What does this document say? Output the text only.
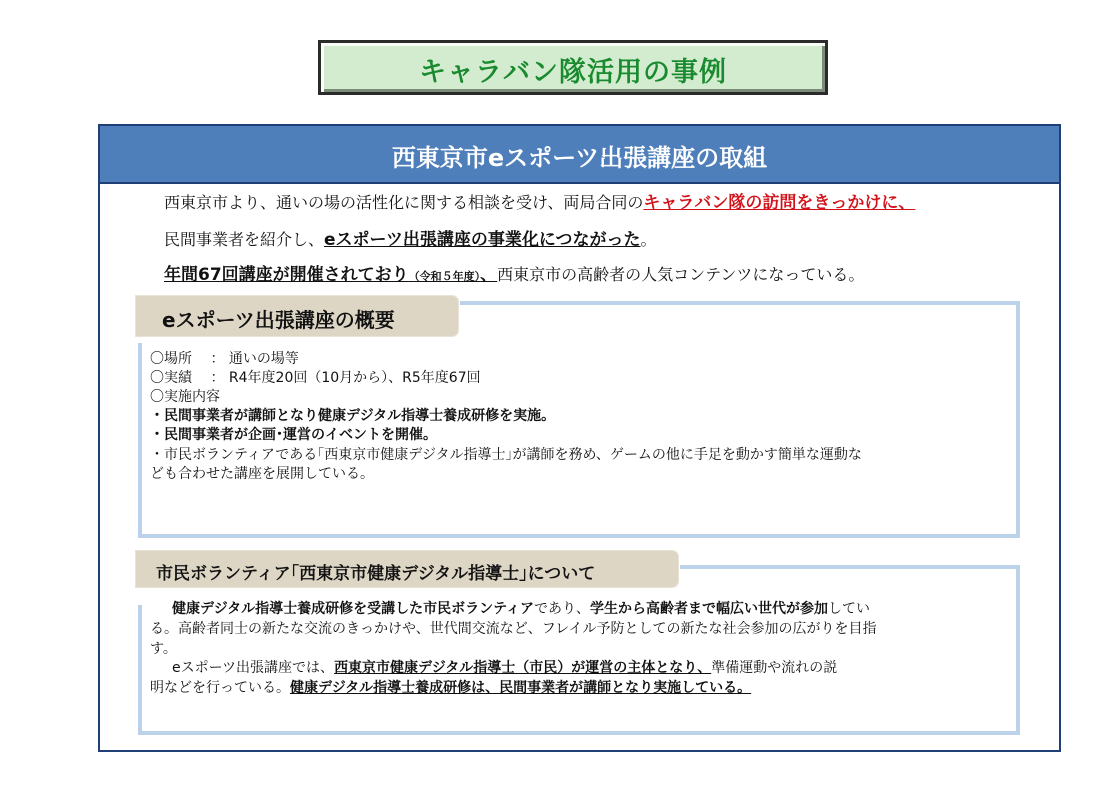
キャラバン隊活用の事例
西東京市eスポーツ出張講座の取組
西東京市より、通いの場の活性化に関する相談を受け、両局合同のキャラバン隊の訪問をきっかけに、
民間事業者を紹介し、eスポーツ出張講座の事業化につながった。
年間67回講座が開催されており（令和５年度）、西東京市の高齢者の人気コンテンツになっている。
eスポーツ出張講座の概要
〇場所　 ： 通いの場等
〇実績　 ： R4年度20回（10月から）、R5年度67回
〇実施内容
・民間事業者が講師となり健康デジタル指導士養成研修を実施。
・民間事業者が企画･運営のイベントを開催。
・市民ボランティアである｢西東京市健康デジタル指導士｣が講師を務め、ゲームの他に手足を動かす簡単な運動な
ども合わせた講座を展開している。
市民ボランティア｢西東京市健康デジタル指導士｣について
健康デジタル指導士養成研修を受講した市民ボランティアであり、学生から高齢者まで幅広い世代が参加してい
る。高齢者同士の新たな交流のきっかけや、世代間交流など、フレイル予防としての新たな社会参加の広がりを目指
す。
eスポーツ出張講座では、西東京市健康デジタル指導士（市民）が運営の主体となり、準備運動や流れの説
明などを行っている。健康デジタル指導士養成研修は、民間事業者が講師となり実施している。
